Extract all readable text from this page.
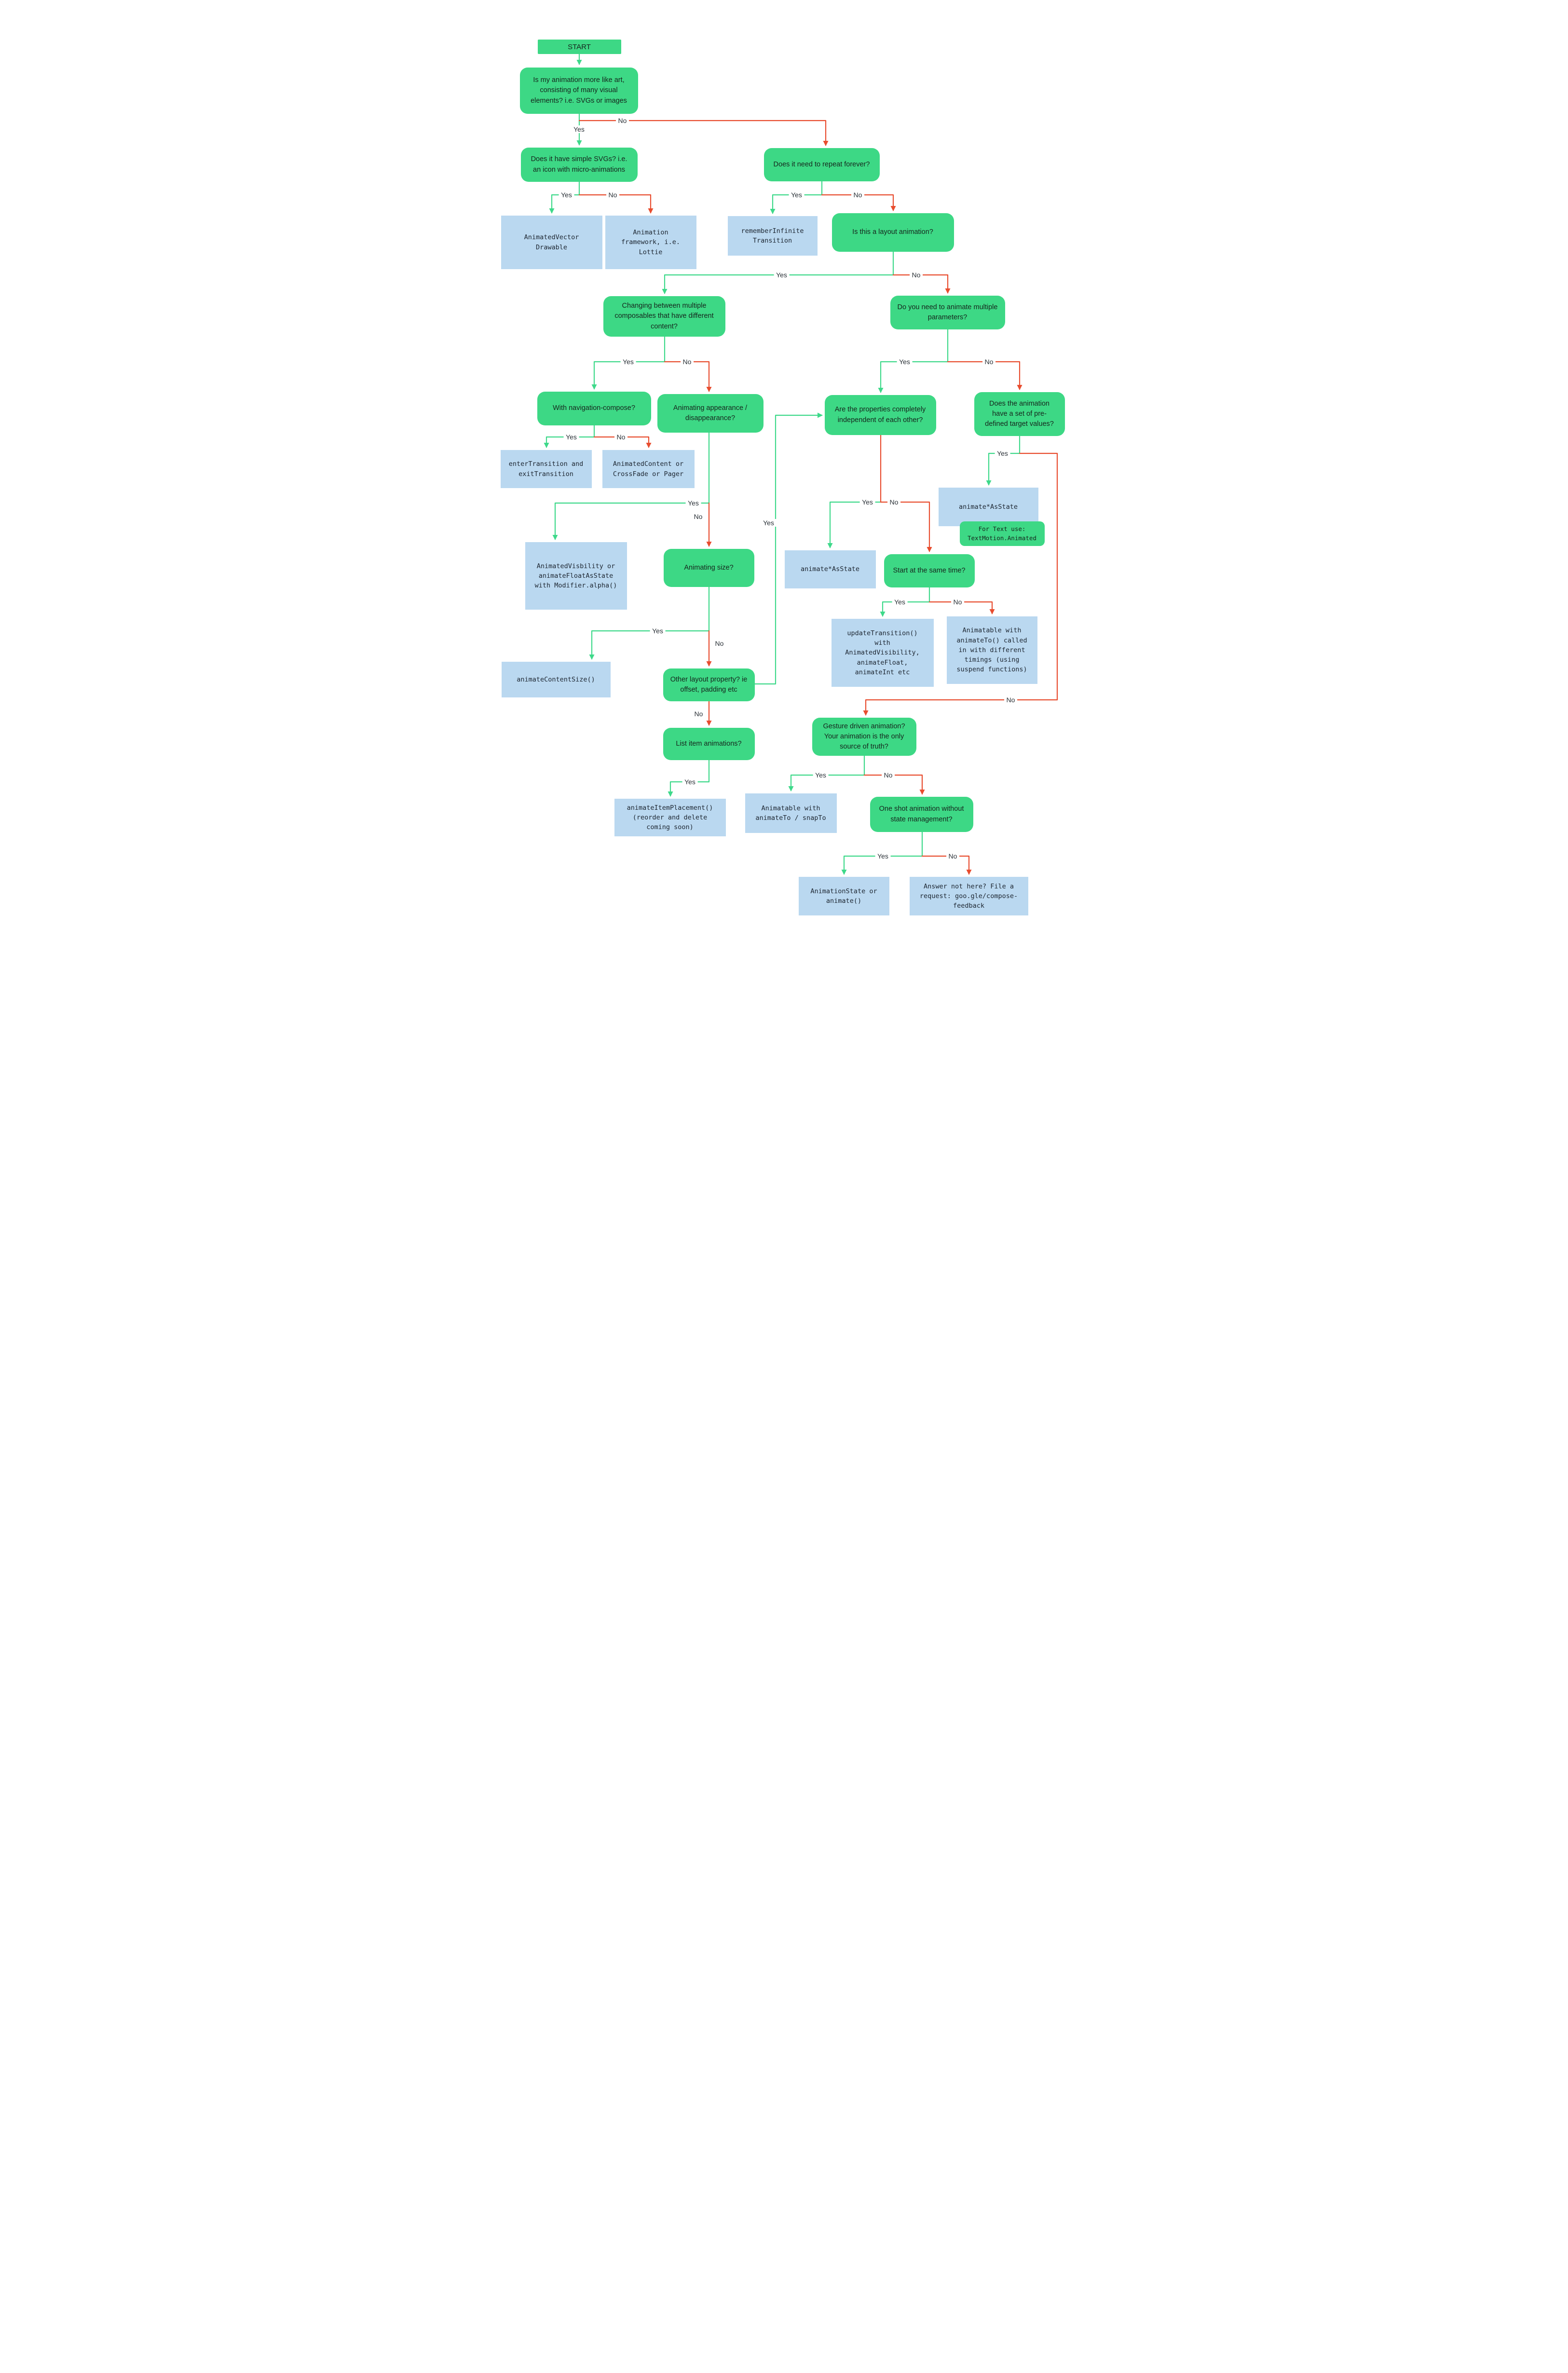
START
Is my animation more like art, consisting of many visual elements? i.e. SVGs or images
Does it have simple SVGs? i.e. an icon with micro-animations
AnimatedVector Drawable
Animation framework, i.e. Lottie
Does it need to repeat forever?
rememberInfinite Transition
Is this a layout animation?
Changing between multiple composables that have different content?
Do you need to animate multiple parameters?
With navigation-compose?	Animating appearance / disappearance?
enterTransition and exitTransition
AnimatedContent or CrossFade or Pager
Are the properties completely independent of each other?
Does the animation have a set of pre-defined target values?
AnimatedVisbility or animateFloatAsState with Modifier.alpha()
Animating size?	animate*AsState	Start at the same time?
animate*AsState
For Text use: TextMotion.Animated
updateTransition() with AnimatedVisibility, animateFloat, animateInt etc
Animatable with animateTo() called in with different timings (using suspend functions)
Other layout property? ie offset, padding etc
animateContentSize()
List item animations?
animateItemPlacement() (reorder and delete coming soon)
Gesture driven animation? Your animation is the only source of truth?
Animatable with animateTo / snapTo
One shot animation without state management?
AnimationState or animate()
Answer not here? File a request: goo.gle/compose-feedback
Yes
No
Yes	No	Yes	No
Yes	No
Yes	No	Yes	No
Yes	No
Yes
No
Yes	No
Yes
No
Yes	No
Yes
No
Yes
No
Yes
Yes	No
Yes	No
